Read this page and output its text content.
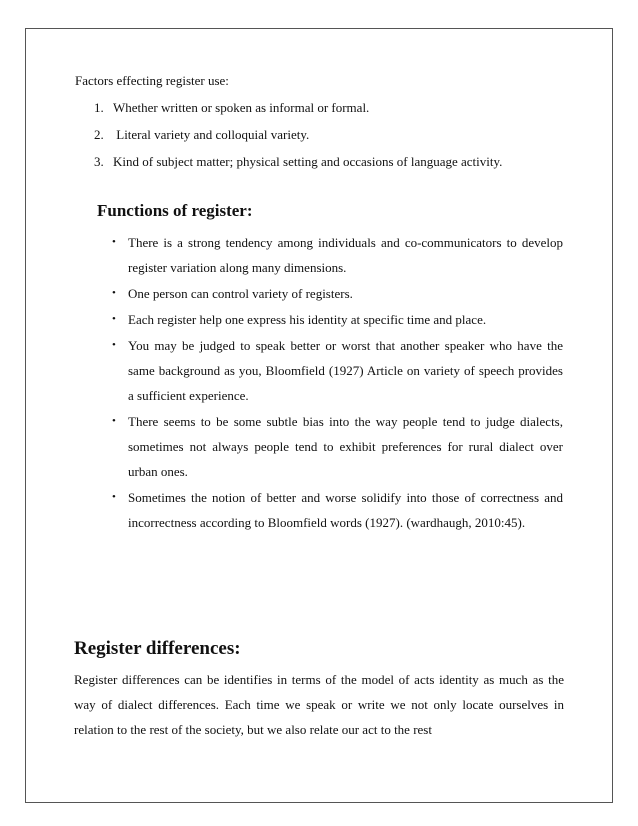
Factors effecting register use:
1. Whether written or spoken as informal or formal.
2. Literal variety and colloquial variety.
3. Kind of subject matter; physical setting and occasions of language activity.
Functions of register:
• There is a strong tendency among individuals and co-communicators to develop register variation along many dimensions.
• One person can control variety of registers.
• Each register help one express his identity at specific time and place.
• You may be judged to speak better or worst that another speaker who have the same background as you, Bloomfield (1927) Article on variety of speech provides a sufficient experience.
• There seems to be some subtle bias into the way people tend to judge dialects, sometimes not always people tend to exhibit preferences for rural dialect over urban ones.
• Sometimes the notion of better and worse solidify into those of correctness and incorrectness according to Bloomfield words (1927). (wardhaugh, 2010:45).
Register differences:
Register differences can be identifies in terms of the model of acts identity as much as the way of dialect differences. Each time we speak or write we not only locate ourselves in relation to the rest of the society, but we also relate our act to the rest
